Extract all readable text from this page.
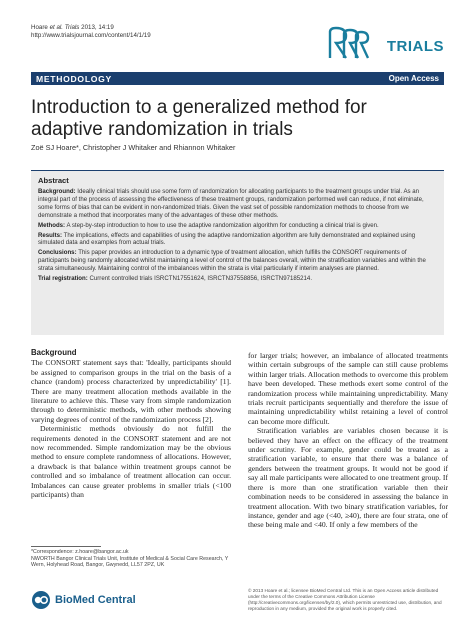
Hoare et al. Trials 2013, 14:19
http://www.trialsjournal.com/content/14/1/19
TRIALS
METHODOLOGY	Open Access
Introduction to a generalized method for
adaptive randomization in trials
Zoë SJ Hoare*, Christopher J Whitaker and Rhiannon Whitaker
Abstract

Background: Ideally clinical trials should use some form of randomization for allocating participants to the treatment groups under trial. As an integral part of the process of assessing the effectiveness of these treatment groups, randomization performed well can reduce, if not eliminate, some forms of bias that can be evident in non-randomized trials. Given the vast set of possible randomization methods to choose from we demonstrate a method that incorporates many of the advantages of these other methods.

Methods: A step-by-step introduction to how to use the adaptive randomization algorithm for conducting a clinical trial is given.

Results: The implications, effects and capabilities of using the adaptive randomization algorithm are fully demonstrated and explained using simulated data and examples from actual trials.

Conclusions: This paper provides an introduction to a dynamic type of treatment allocation, which fulfills the CONSORT requirements of participants being randomly allocated whilst maintaining a level of control of the balances overall, within the stratification variables and within the strata simultaneously. Maintaining control of the imbalances within the strata is vital particularly if interim analyses are planned.

Trial registration: Current controlled trials ISRCTN17551624, ISRCTN37558856, ISRCTN97185214.

Background

The CONSORT statement says that: 'Ideally, participants should be assigned to comparison groups in the trial on the basis of a chance (random) process characterized by unpredictability' [1]. There are many treatment allocation methods available in the literature to achieve this. These vary from simple randomization through to deterministic methods, with other methods showing varying degrees of control of the randomization process [2].

Deterministic methods obviously do not fulfill the requirements denoted in the CONSORT statement and are not now recommended. Simple randomization may be the obvious method to ensure complete randomness of allocations. However, a drawback is that balance within treatment groups cannot be controlled and so imbalance of treatment allocation can occur. Imbalances can cause greater problems in smaller trials (<100 participants) than

for larger trials; however, an imbalance of allocated treatments within certain subgroups of the sample can still cause problems within larger trials. Allocation methods to overcome this problem have been developed. These methods exert some control of the randomization process while maintaining unpredictability. Many trials recruit participants sequentially and therefore the issue of maintaining unpredictability whilst retaining a level of control can become more difficult.

Stratification variables are variables chosen because it is believed they have an effect on the efficacy of the treatment under scrutiny. For example, gender could be treated as a stratification variable, to ensure that there was a balance of genders between the treatment groups. It would not be good if say all male participants were allocated to one treatment group. If there is more than one stratification variable then their combination needs to be considered in assessing the balance in treatment allocation. With two binary stratification variables, for instance, gender and age (<40, ≥40), there are four strata, one of these being male and <40. If only a few members of the

*Correspondence: z.hoare@bangor.ac.uk
NWORTH Bangor Clinical Trials Unit, Institute of Medical & Social Care Research, Y Wern, Holyhead Road, Bangor, Gwynedd, LL57 2PZ, UK
BioMed Central
© 2013 Hoare et al.; licensee BioMed Central Ltd. This is an Open Access article distributed under the terms of the Creative Commons Attribution License (http://creativecommons.org/licenses/by/2.0), which permits unrestricted use, distribution, and reproduction in any medium, provided the original work is properly cited.
